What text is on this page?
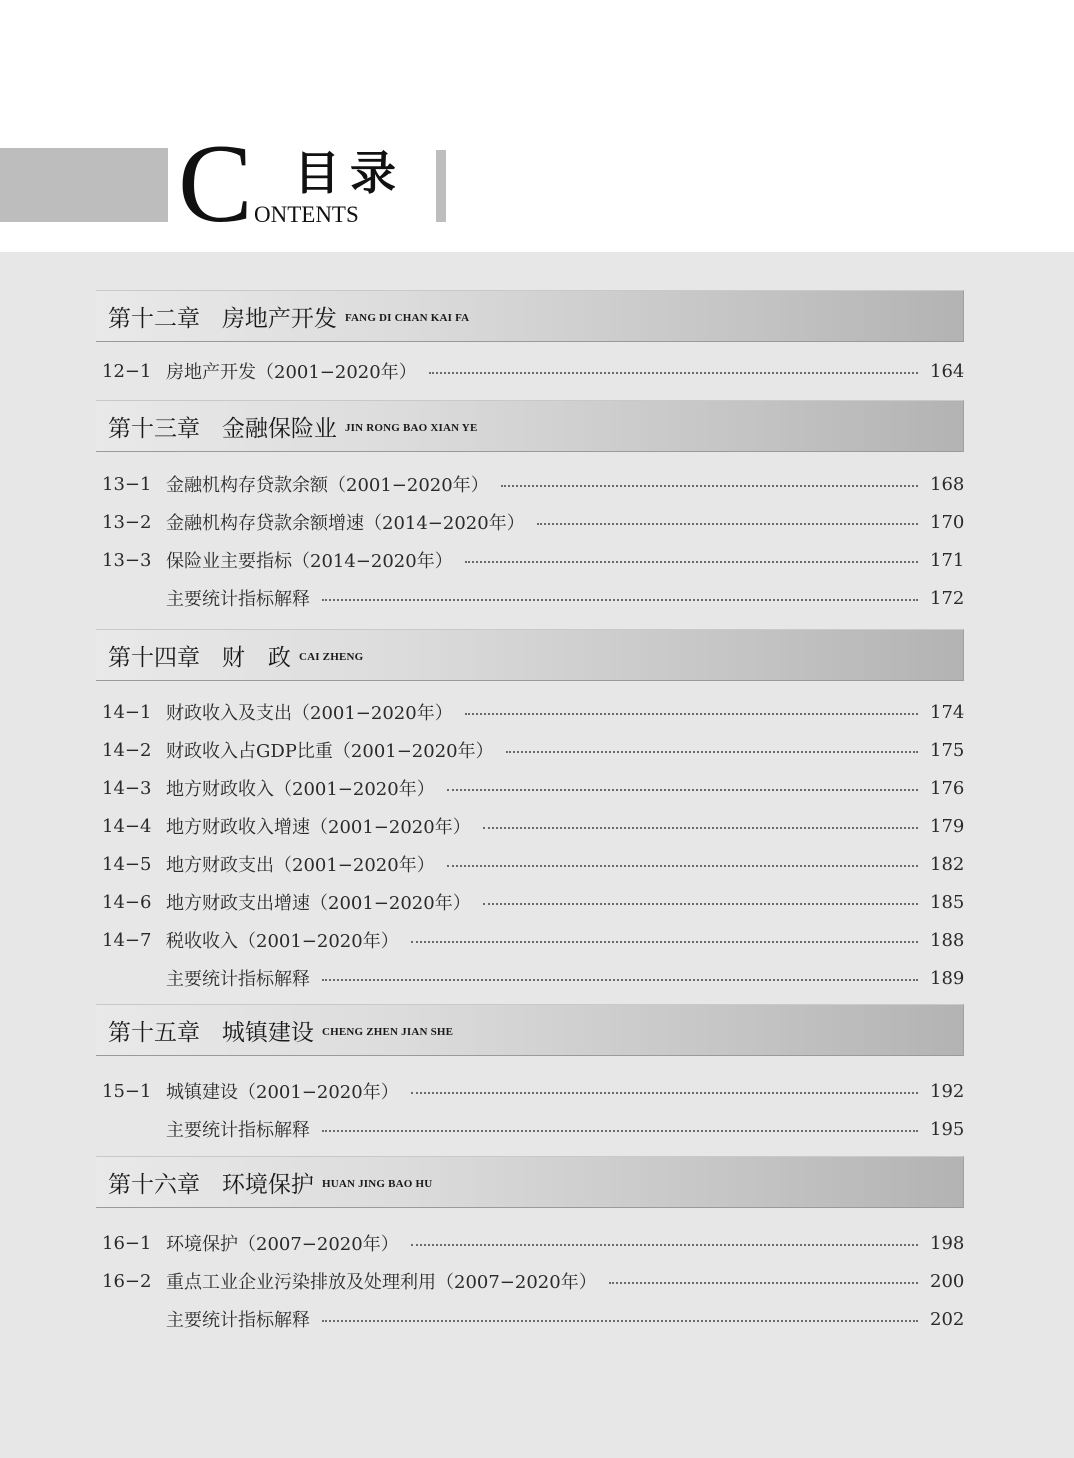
C 目录
ONTENTS
第十二章   房地产开发 FANG DI CHAN KAI FA
12−1 房地产开发（2001−2020年）	164
第十三章   金融保险业 JIN RONG BAO XIAN YE
13−1 金融机构存贷款余额（2001−2020年）	168
13−2 金融机构存贷款余额增速（2014−2020年）	170
13−3 保险业主要指标（2014−2020年）	171
主要统计指标解释	172
第十四章   财　政 CAI ZHENG
14−1 财政收入及支出（2001−2020年）	174
14−2 财政收入占GDP比重（2001−2020年）	175
14−3 地方财政收入（2001−2020年）	176
14−4 地方财政收入增速（2001−2020年）	179
14−5 地方财政支出（2001−2020年）	182
14−6 地方财政支出增速（2001−2020年）	185
14−7 税收收入（2001−2020年）	188
主要统计指标解释	189
第十五章   城镇建设 CHENG ZHEN JIAN SHE
15−1 城镇建设（2001−2020年）	192
主要统计指标解释	195
第十六章   环境保护 HUAN JING BAO HU
16−1 环境保护（2007−2020年）	198
16−2 重点工业企业污染排放及处理利用（2007−2020年）	200
主要统计指标解释	202
